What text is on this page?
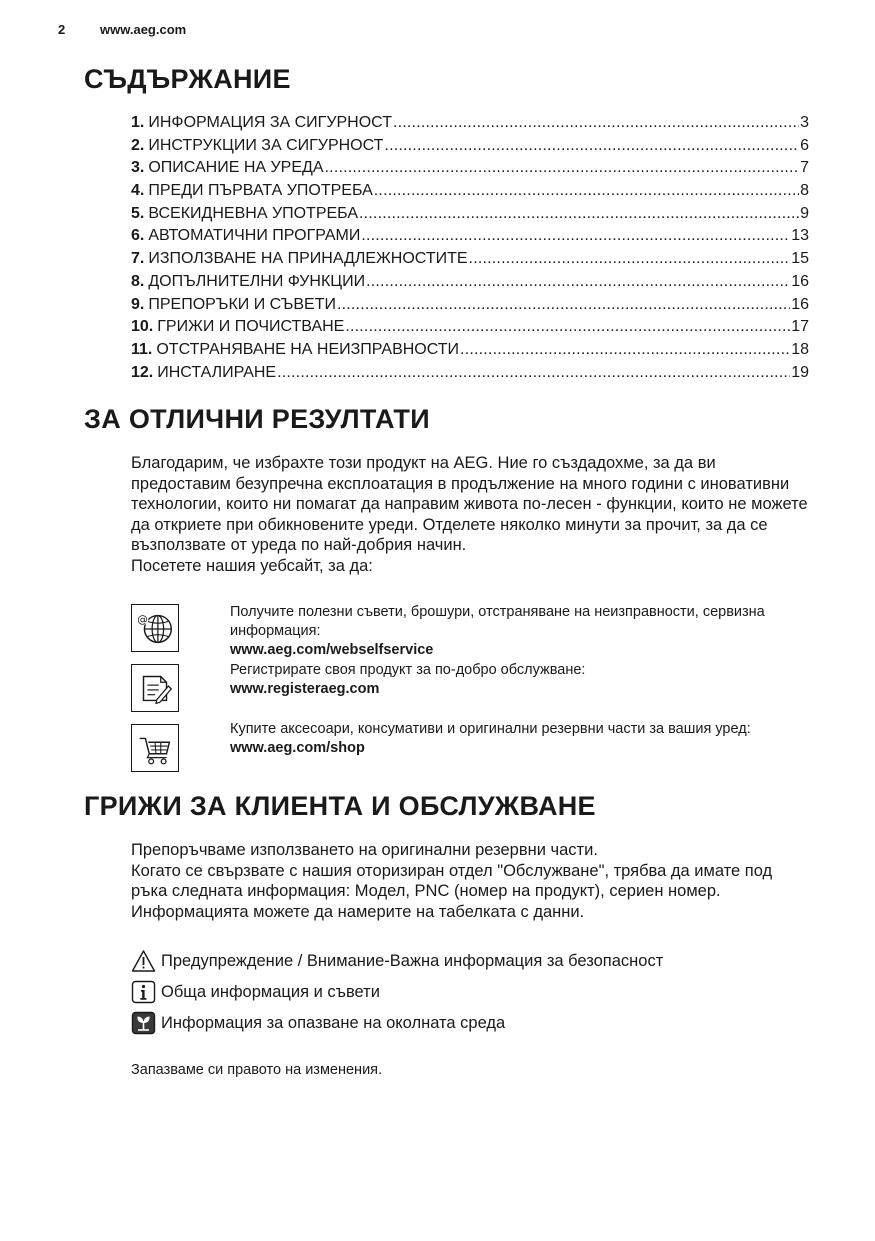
2	www.aeg.com
СЪДЪРЖАНИЕ
1. ИНФОРМАЦИЯ ЗА СИГУРНОСТ .....	3
2. ИНСТРУКЦИИ ЗА СИГУРНОСТ .....	6
3. ОПИСАНИЕ НА УРЕДА .....	7
4. ПРЕДИ ПЪРВАТА УПОТРЕБА .....	8
5. ВСЕКИДНЕВНА УПОТРЕБА .....	9
6. АВТОМАТИЧНИ ПРОГРАМИ .....	13
7. ИЗПОЛЗВАНЕ НА ПРИНАДЛЕЖНОСТИТЕ .....	15
8. ДОПЪЛНИТЕЛНИ ФУНКЦИИ .....	16
9. ПРЕПОРЪКИ И СЪВЕТИ .....	16
10. ГРИЖИ И ПОЧИСТВАНЕ .....	17
11. ОТСТРАНЯВАНЕ НА НЕИЗПРАВНОСТИ .....	18
12. ИНСТАЛИРАНЕ .....	19
ЗА ОТЛИЧНИ РЕЗУЛТАТИ

Благодарим, че избрахте този продукт на AEG. Ние го създадохме, за да ви предоставим безупречна експлоатация в продължение на много години с иновативни технологии, които ни помагат да направим живота по-лесен - функции, които не можете да откриете при обикновените уреди. Отделете няколко минути за прочит, за да се възползвате от уреда по най-добрия начин.

Посетете нашия уебсайт, за да:

@
Получите полезни съвети, брошури, отстраняване на неизправности, сервизна информация:
www.aeg.com/webselfservice
Регистрирате своя продукт за по-добро обслужване:
www.registeraeg.com
Купите аксесоари, консумативи и оригинални резервни части за вашия уред:
www.aeg.com/shop
ГРИЖИ ЗА КЛИЕНТА И ОБСЛУЖВАНЕ

Препоръчваме използването на оригинални резервни части.

Когато се свързвате с нашия оторизиран отдел "Обслужване", трябва да имате под ръка следната информация: Модел, PNC (номер на продукт), сериен номер.

Информацията можете да намерите на табелката с данни.

Предупреждение / Внимание-Важна информация за безопасност
Обща информация и съвети
Информация за опазване на околната среда
Запазваме си правото на изменения.
